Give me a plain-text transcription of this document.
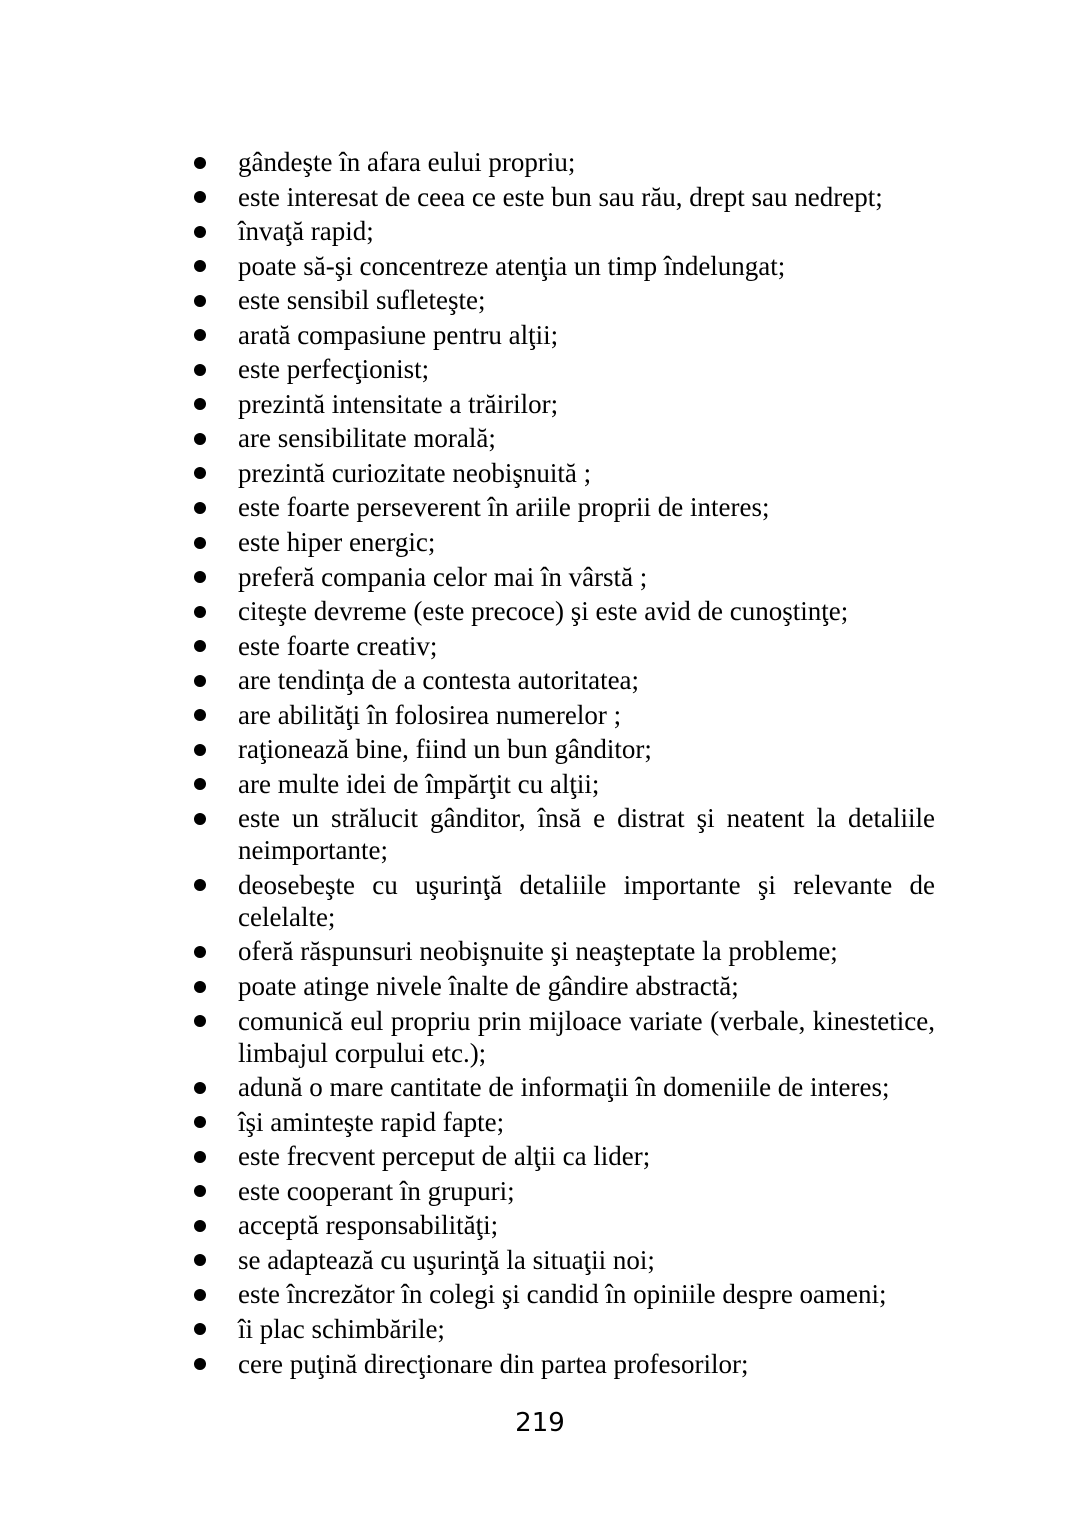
gândeşte în afara eului propriu;
este interesat de ceea ce este bun sau rău, drept sau nedrept;
învaţă rapid;
poate să-şi concentreze atenţia un timp îndelungat;
este sensibil sufleteşte;
arată compasiune pentru alţii;
este perfecţionist;
prezintă intensitate a trăirilor;
are sensibilitate morală;
prezintă curiozitate neobişnuită ;
este foarte perseverent în ariile proprii de interes;
este hiper energic;
preferă compania celor mai în vârstă ;
citeşte devreme (este precoce) şi este avid de cunoştinţe;
este foarte creativ;
are tendinţa de a contesta autoritatea;
are abilităţi în folosirea numerelor ;
raţionează bine, fiind un bun gânditor;
are multe idei de împărţit cu alţii;
este un strălucit gânditor, însă e distrat şi neatent la detaliile neimportante;
deosebeşte cu uşurinţă detaliile importante şi relevante de celelalte;
oferă răspunsuri neobişnuite şi neaşteptate la probleme;
poate atinge nivele înalte de gândire abstractă;
comunică eul propriu prin mijloace variate (verbale, kinestetice, limbajul corpului etc.);
adună o mare cantitate de informaţii în domeniile de interes;
îşi aminteşte rapid fapte;
este frecvent perceput de alţii ca lider;
este cooperant în grupuri;
acceptă responsabilităţi;
se adaptează cu uşurinţă la situaţii noi;
este încrezător în colegi şi candid în opiniile despre oameni;
îi plac schimbările;
cere puţină direcţionare din partea profesorilor;
219
